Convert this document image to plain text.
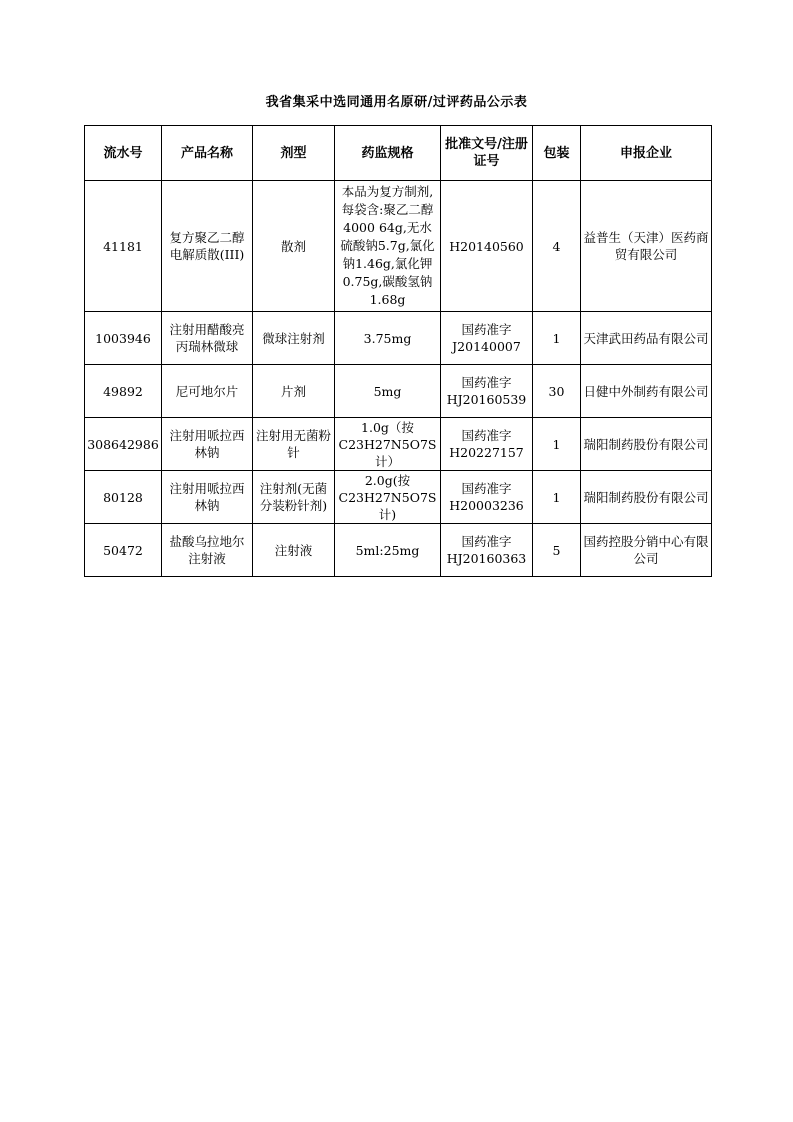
我省集采中选同通用名原研/过评药品公示表
流水号	产品名称	剂型	药监规格	批准文号/注册证号	包装	申报企业
41181	复方聚乙二醇电解质散(III)	散剂	本品为复方制剂,每袋含:聚乙二醇4000 64g,无水硫酸钠5.7g,氯化钠1.46g,氯化钾0.75g,碳酸氢钠1.68g	H20140560	4	益普生（天津）医药商贸有限公司
1003946	注射用醋酸亮丙瑞林微球	微球注射剂	3.75mg	国药准字J20140007	1	天津武田药品有限公司
49892	尼可地尔片	片剂	5mg	国药准字HJ20160539	30	日健中外制药有限公司
308642986	注射用哌拉西林钠	注射用无菌粉针	1.0g（按C23H27N5O7S计）	国药准字H20227157	1	瑞阳制药股份有限公司
80128	注射用哌拉西林钠	注射剂(无菌分装粉针剂)	2.0g(按C23H27N5O7S计)	国药准字H20003236	1	瑞阳制药股份有限公司
50472	盐酸乌拉地尔注射液	注射液	5ml:25mg	国药准字HJ20160363	5	国药控股分销中心有限公司
